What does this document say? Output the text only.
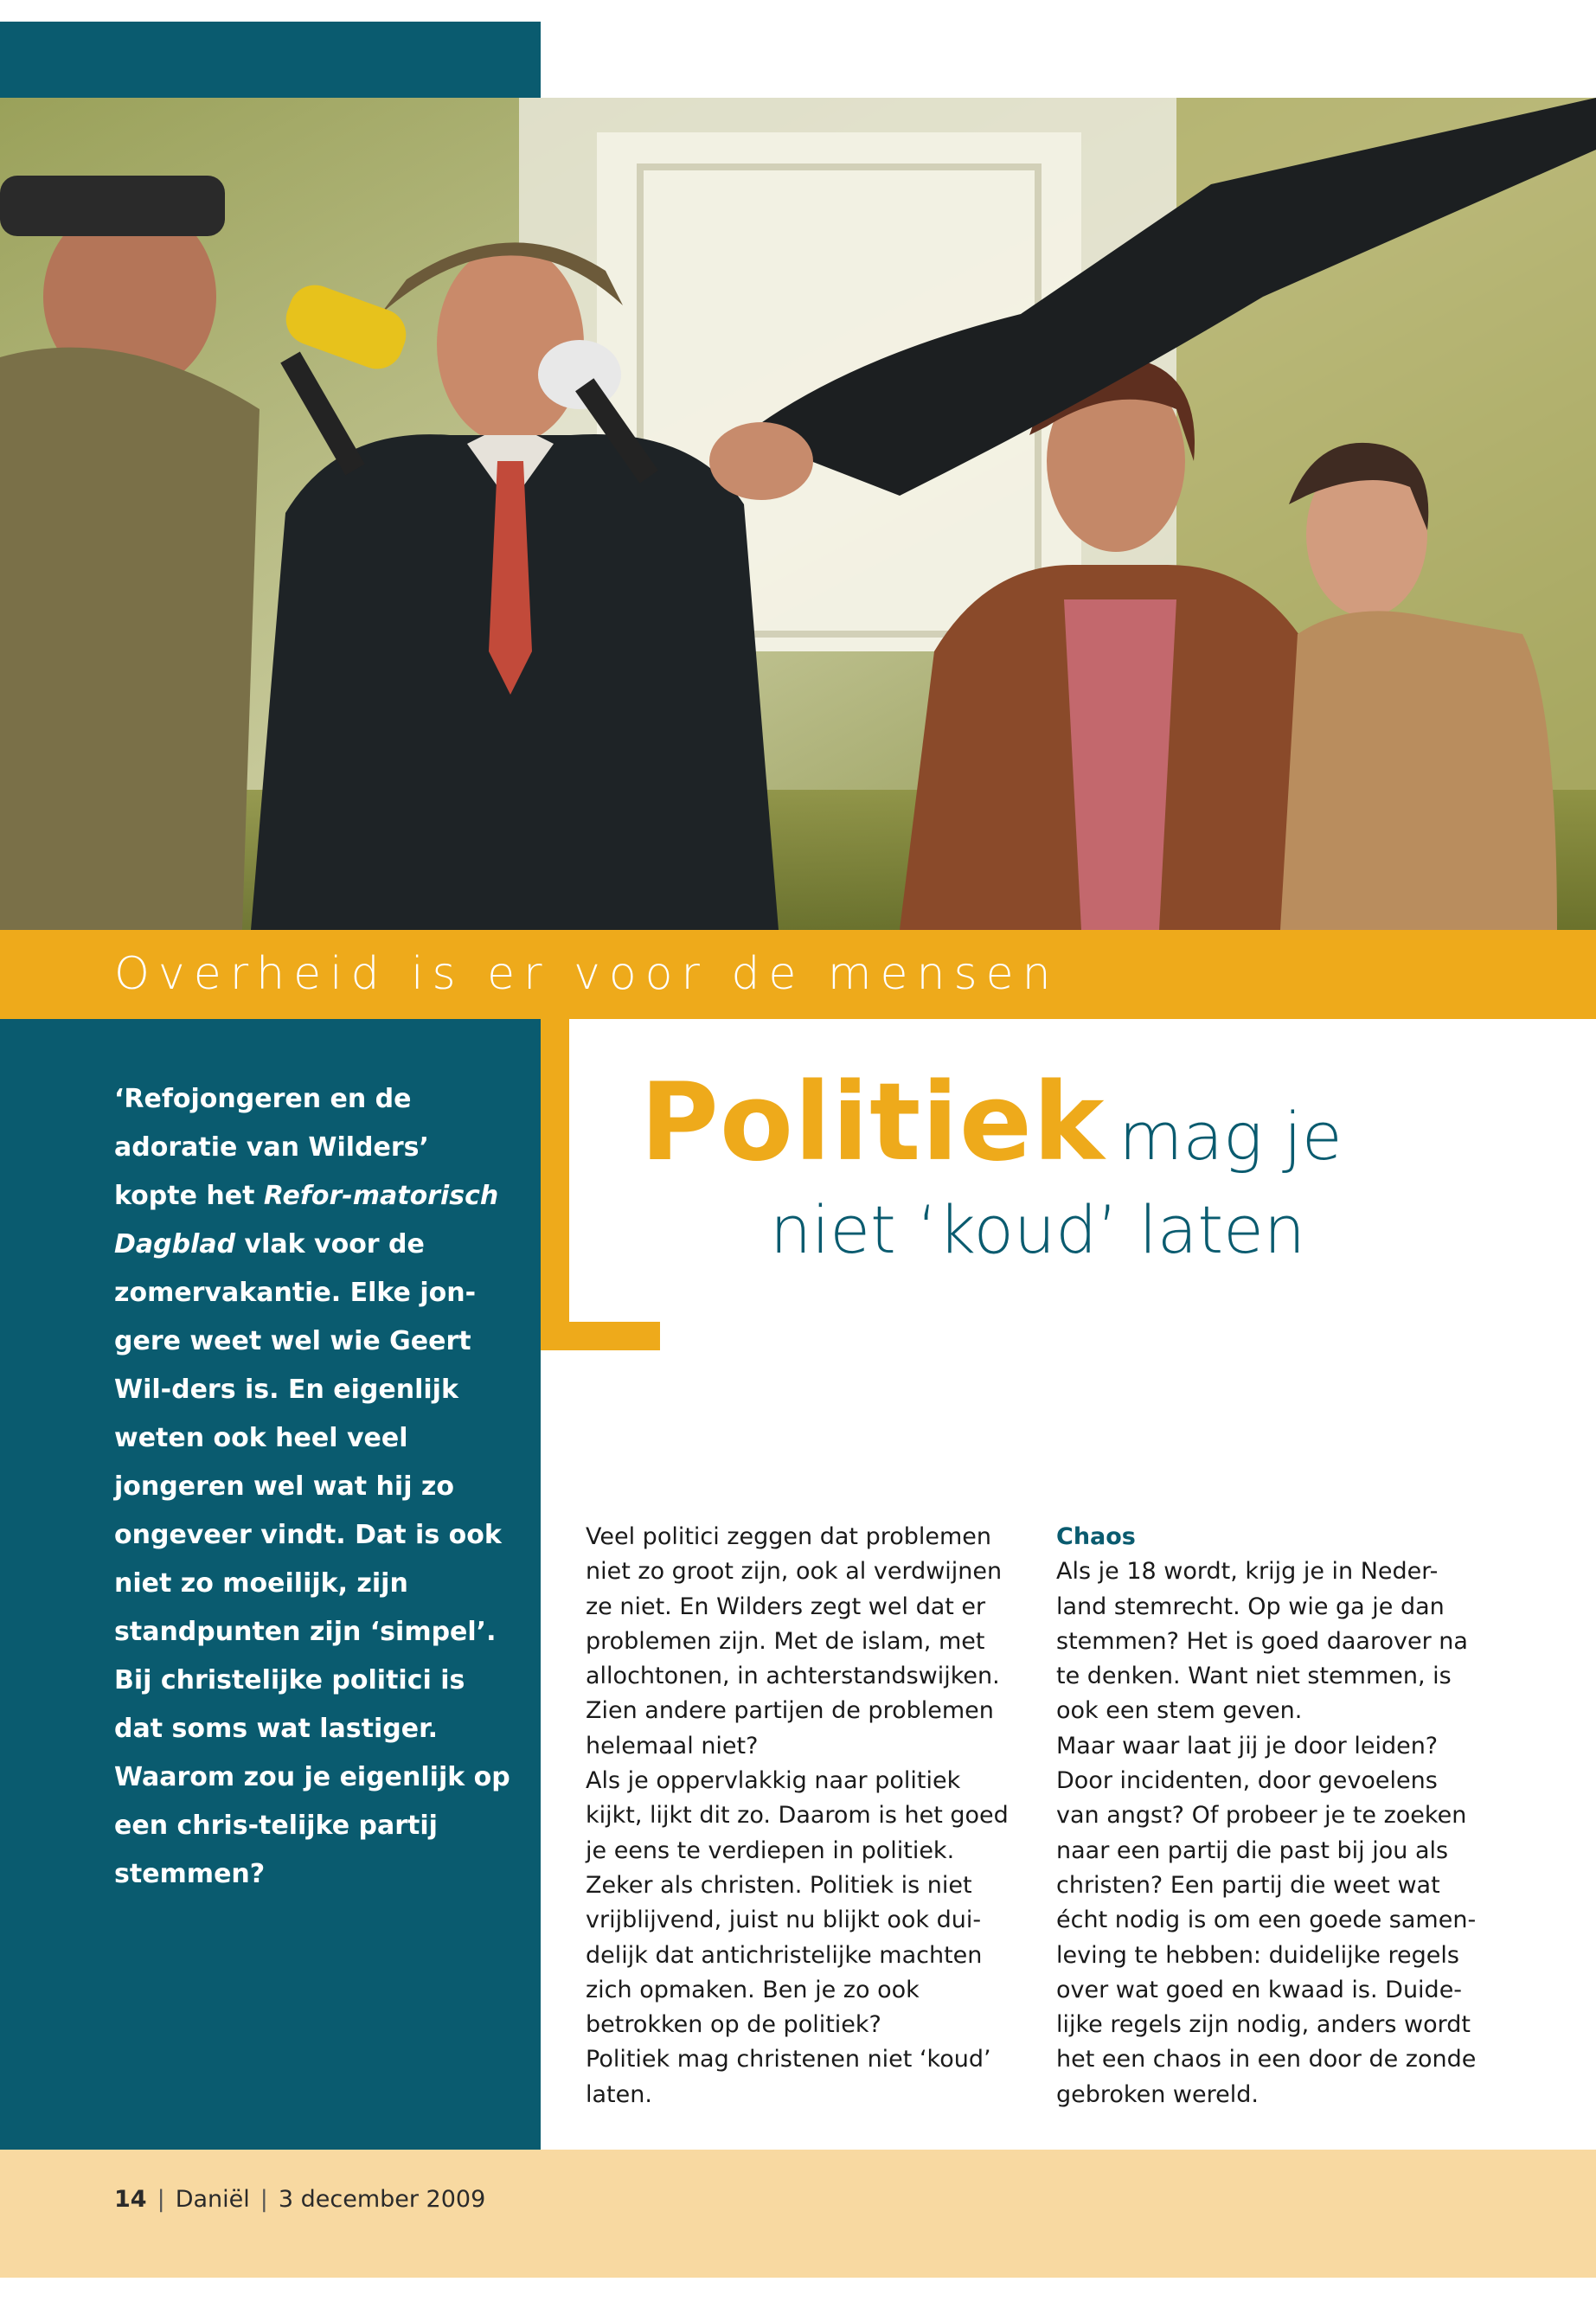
Overheid is er voor de mensen

‘Refojongeren en de adoratie van Wilders’ kopte het Refor-matorisch Dagblad vlak voor de zomervakantie. Elke jon-gere weet wel wie Geert Wil-ders is. En eigenlijk weten ook heel veel jongeren wel wat hij zo ongeveer vindt. Dat is ook niet zo moeilijk, zijn standpunten zijn ‘simpel’. Bij christelijke politici is dat soms wat lastiger. Waarom zou je eigenlijk op een chris-telijke partij stemmen?

Politiek mag je
niet ‘koud’ laten
Veel politici zeggen dat problemen
niet zo groot zijn, ook al verdwijnen
ze niet. En Wilders zegt wel dat er
problemen zijn. Met de islam, met
allochtonen, in achterstandswijken.
Zien andere partijen de problemen
helemaal niet?
Als je oppervlakkig naar politiek
kijkt, lijkt dit zo. Daarom is het goed
je eens te verdiepen in politiek.
Zeker als christen. Politiek is niet
vrijblijvend, juist nu blijkt ook dui-
delijk dat antichristelijke machten
zich opmaken. Ben je zo ook
betrokken op de politiek?
Politiek mag christenen niet ‘koud’
laten.
Chaos
Als je 18 wordt, krijg je in Neder-
land stemrecht. Op wie ga je dan
stemmen? Het is goed daarover na
te denken. Want niet stemmen, is
ook een stem geven.
Maar waar laat jij je door leiden?
Door incidenten, door gevoelens
van angst? Of probeer je te zoeken
naar een partij die past bij jou als
christen? Een partij die weet wat
écht nodig is om een goede samen-
leving te hebben: duidelijke regels
over wat goed en kwaad is. Duide-
lijke regels zijn nodig, anders wordt
het een chaos in een door de zonde
gebroken wereld.
14 | Daniël | 3 december 2009
